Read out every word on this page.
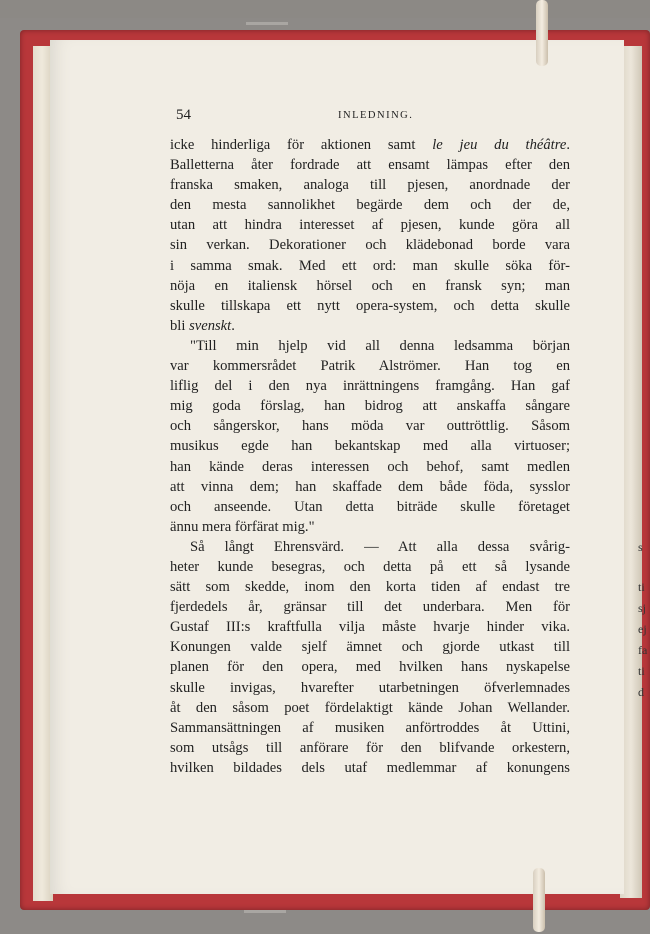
s
ti
sj
ej
fa
ti
d
54	INLEDNING.
icke hinderliga för aktionen samt le jeu du théâtre.
Balletterna åter fordrade att ensamt lämpas efter den
franska smaken, analoga till pjesen, anordnade der
den mesta sannolikhet begärde dem och der de,
utan att hindra interesset af pjesen, kunde göra all
sin verkan. Dekorationer och klädebonad borde vara
i samma smak. Med ett ord: man skulle söka för-
nöja en italiensk hörsel och en fransk syn; man
skulle tillskapa ett nytt opera-system, och detta skulle
bli svenskt.
"Till min hjelp vid all denna ledsamma början
var kommersrådet Patrik Alströmer. Han tog en
liflig del i den nya inrättningens framgång. Han gaf
mig goda förslag, han bidrog att anskaffa sångare
och sångerskor, hans möda var outtröttlig. Såsom
musikus egde han bekantskap med alla virtuoser;
han kände deras interessen och behof, samt medlen
att vinna dem; han skaffade dem både föda, sysslor
och anseende. Utan detta biträde skulle företaget
ännu mera förfärat mig."
Så långt Ehrensvärd. — Att alla dessa svårig-
heter kunde besegras, och detta på ett så lysande
sätt som skedde, inom den korta tiden af endast tre
fjerdedels år, gränsar till det underbara. Men för
Gustaf III:s kraftfulla vilja måste hvarje hinder vika.
Konungen valde sjelf ämnet och gjorde utkast till
planen för den opera, med hvilken hans nyskapelse
skulle invigas, hvarefter utarbetningen öfverlemnades
åt den såsom poet fördelaktigt kände Johan Wellander.
Sammansättningen af musiken anförtroddes åt Uttini,
som utsågs till anförare för den blifvande orkestern,
hvilken bildades dels utaf medlemmar af konungens
